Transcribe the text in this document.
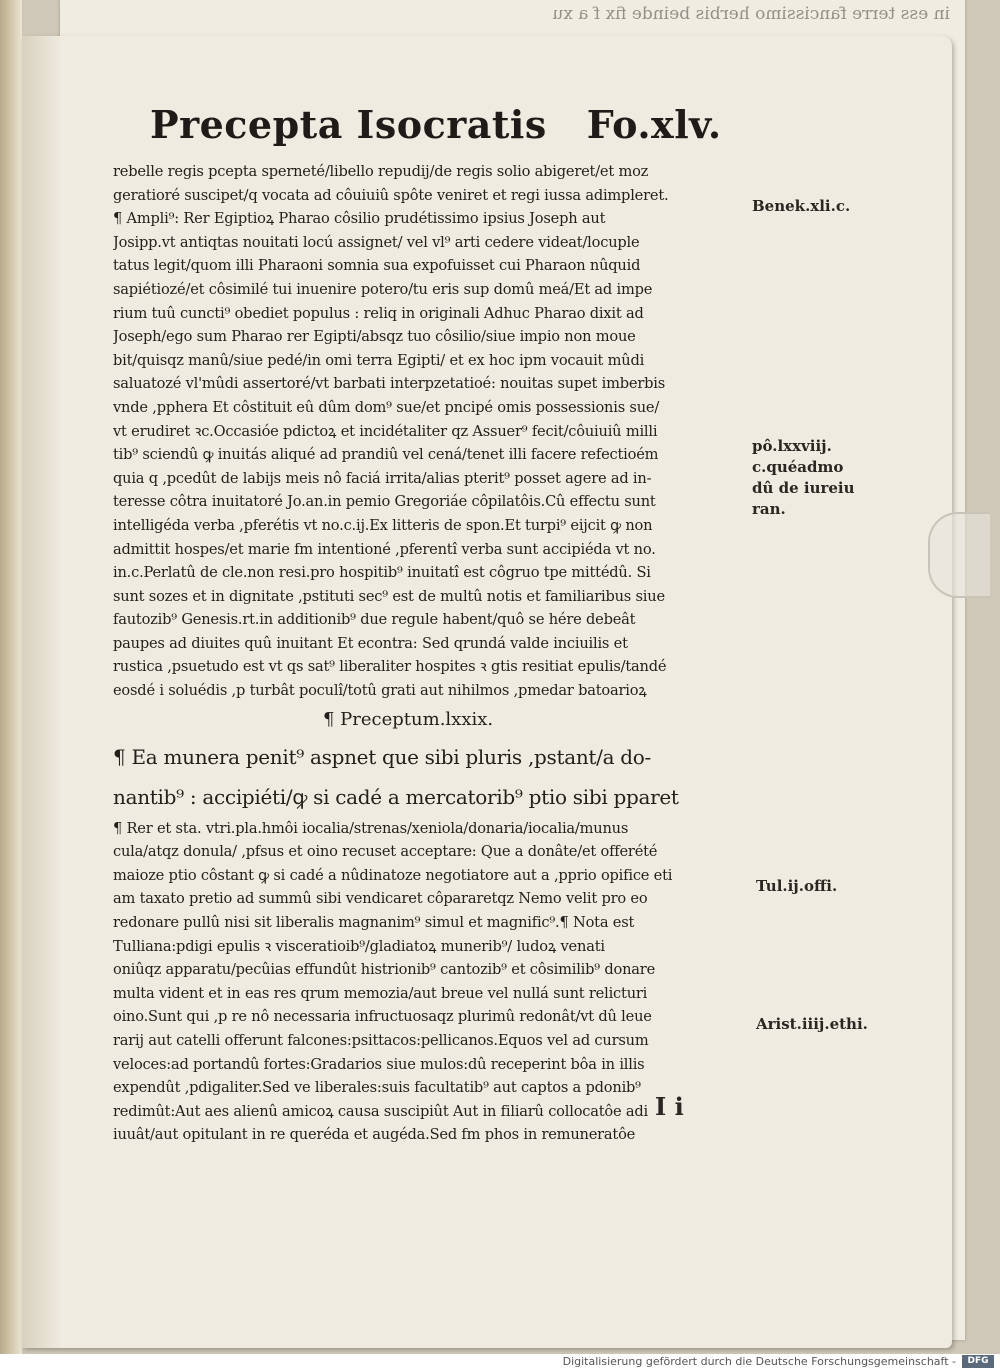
in ess terre fancissimo herbis beinde fix f a xu
Precepta Isocratis Fo.xlv.
rebelle regis pcepta sperneté/libello repudij/de regis solio abigeret/et moz
geratioré suscipet/q vocata ad côuiuiû spôte veniret et regi iussa adimpleret.
¶ Ampli⁹: Rer Egiptioꝝ Pharao côsilio prudétissimo ipsius Joseph aut
Josipp.vt antiqtas nouitati locú assignet/ vel vl⁹ arti cedere videat/locuple
tatus legit/quom illi Pharaoni somnia sua expofuisset cui Pharaon nûquid
sapiétiozé/et côsimilé tui inuenire potero/tu eris sup domû meá/Et ad impe
rium tuû cuncti⁹ obediet populus : reliq in originali Adhuc Pharao dixit ad
Joseph/ego sum Pharao rer Egipti/absqz tuo côsilio/siue impio non moue
bit/quisqz manû/siue pedé/in omi terra Egipti/ et ex hoc ipm vocauit mûdi
saluatozé vl'mûdi assertoré/vt barbati interpzetatioé: nouitas supet imberbis
vnde ,pphera Et côstituit eû dûm dom⁹ sue/et pncipé omis possessionis sue/
vt erudiret ꝛc.Occasióe pdictoꝝ et incidétaliter qz Assuer⁹ fecit/côuiuiû milli
tib⁹ sciendû ꝙ inuitás aliqué ad prandiû vel cená/tenet illi facere refectioém
quia q ,pcedût de labijs meis nô faciá irrita/alias pterit⁹ posset agere ad in-
teresse côtra inuitatoré Jo.an.in pemio Gregoriáe côpilatôis.Cû effectu sunt
intelligéda verba ,pferétis vt no.c.ij.Ex litteris de spon.Et turpi⁹ eijcit ꝙ non
admittit hospes/et marie fm intentioné ,pferentî verba sunt accipiéda vt no.
in.c.Perlatû de cle.non resi.pro hospitib⁹ inuitatî est côgruo tpe mittédû. Si
sunt sozes et in dignitate ,pstituti sec⁹ est de multû notis et familiaribus siue
fautozib⁹ Genesis.rt.in additionib⁹ due regule habent/quô se hére debeât
paupes ad diuites quû inuitant Et econtra: Sed qrundá valde inciuilis et
rustica ,psuetudo est vt qs sat⁹ liberaliter hospites ꝛ gtis resitiat epulis/tandé
eosdé i soluédis ,p turbât poculî/totû grati aut nihilmos ,pmedar batoarioꝝ
¶ Preceptum.lxxix.
¶ Ea munera penit⁹ aspnet que sibi pluris ,pstant/a do-
nantib⁹ : accipiéti/ꝙ si cadé a mercatorib⁹ ptio sibi pparet
¶ Rer et sta. vtri.pla.hmôi iocalia/strenas/xeniola/donaria/iocalia/munus
cula/atqz donula/ ,pfsus et oino recuset acceptare: Que a donâte/et offerété
maioze ptio côstant ꝙ si cadé a nûdinatoze negotiatore aut a ,pprio opifice eti
am taxato pretio ad summû sibi vendicaret côpararetqz Nemo velit pro eo
redonare pullû nisi sit liberalis magnanim⁹ simul et magnific⁹.¶ Nota est
Tulliana:pdigi epulis ꝛ visceratioib⁹/gladiatoꝝ munerib⁹/ ludoꝝ venati
oniûqz apparatu/pecûias effundût histrionib⁹ cantozib⁹ et côsimilib⁹ donare
multa vident et in eas res qrum memozia/aut breue vel nullá sunt relicturi
oino.Sunt qui ,p re nô necessaria infructuosaqz plurimû redonât/vt dû leue
rarij aut catelli offerunt falcones:psittacos:pellicanos.Equos vel ad cursum
veloces:ad portandû fortes:Gradarios siue mulos:dû receperint bôa in illis
expendût ,pdigaliter.Sed ve liberales:suis facultatib⁹ aut captos a pdonib⁹
redimût:Aut aes alienû amicoꝝ causa suscipiût Aut in filiarû collocatôe adi
iuuât/aut opitulant in re queréda et augéda.Sed fm phos in remuneratôe
Benek.xli.c.
pô.lxxviij.
c.quéadmo
dû de iureiu
ran.
Tul.ij.offi.
Arist.iiij.ethi.
I i
Digitalisierung gefördert durch die Deutsche Forschungsgemeinschaft -	DFG
